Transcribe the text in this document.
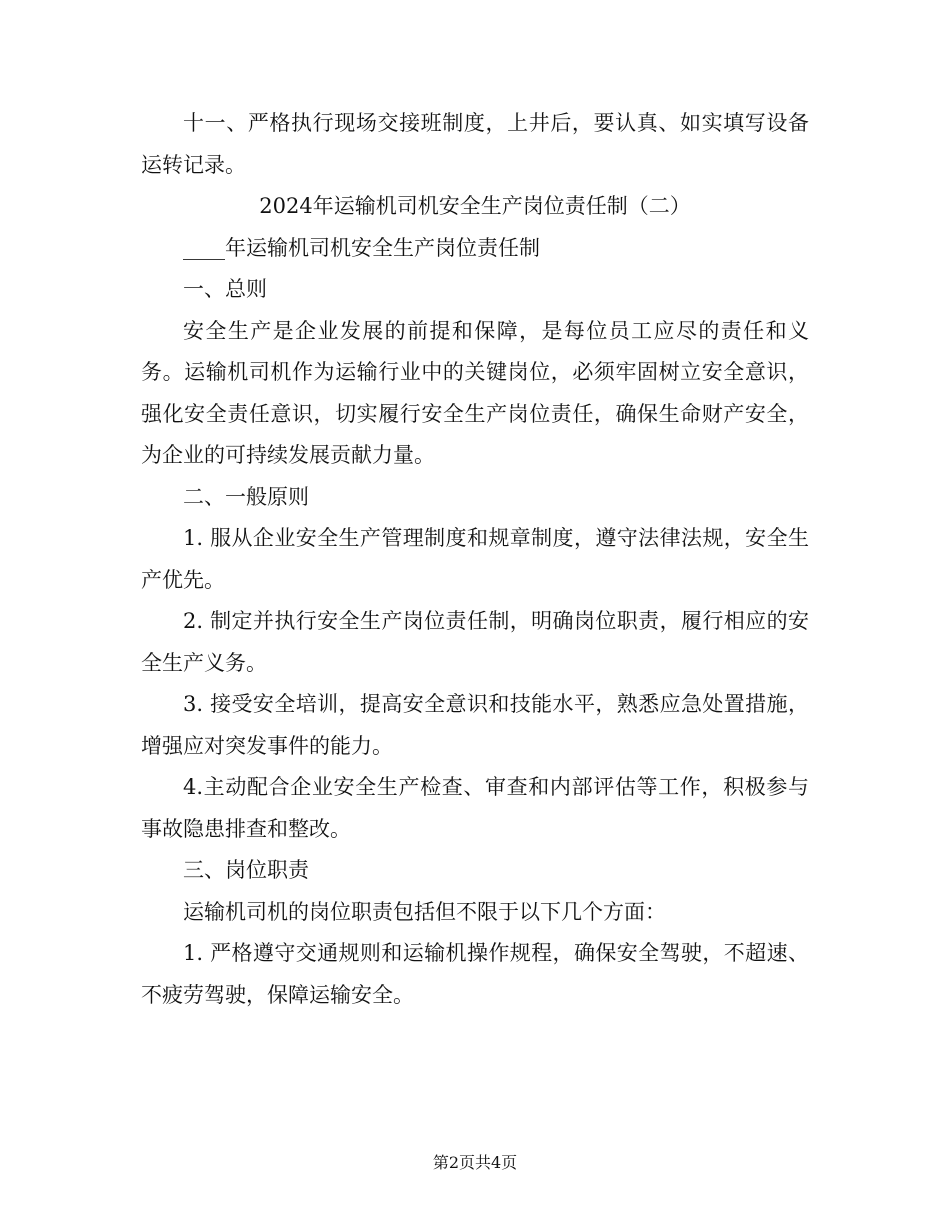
十一、严格执行现场交接班制度，上井后，要认真、如实填写设备运转记录。

2024年运输机司机安全生产岗位责任制（二）

____年运输机司机安全生产岗位责任制

一、总则

安全生产是企业发展的前提和保障，是每位员工应尽的责任和义务。运输机司机作为运输行业中的关键岗位，必须牢固树立安全意识，强化安全责任意识，切实履行安全生产岗位责任，确保生命财产安全，为企业的可持续发展贡献力量。

二、一般原则

1. 服从企业安全生产管理制度和规章制度，遵守法律法规，安全生产优先。

2. 制定并执行安全生产岗位责任制，明确岗位职责，履行相应的安全生产义务。

3. 接受安全培训，提高安全意识和技能水平，熟悉应急处置措施，增强应对突发事件的能力。

4.主动配合企业安全生产检查、审查和内部评估等工作，积极参与事故隐患排查和整改。

三、岗位职责

运输机司机的岗位职责包括但不限于以下几个方面：

1. 严格遵守交通规则和运输机操作规程，确保安全驾驶，不超速、不疲劳驾驶，保障运输安全。

第2页共4页
